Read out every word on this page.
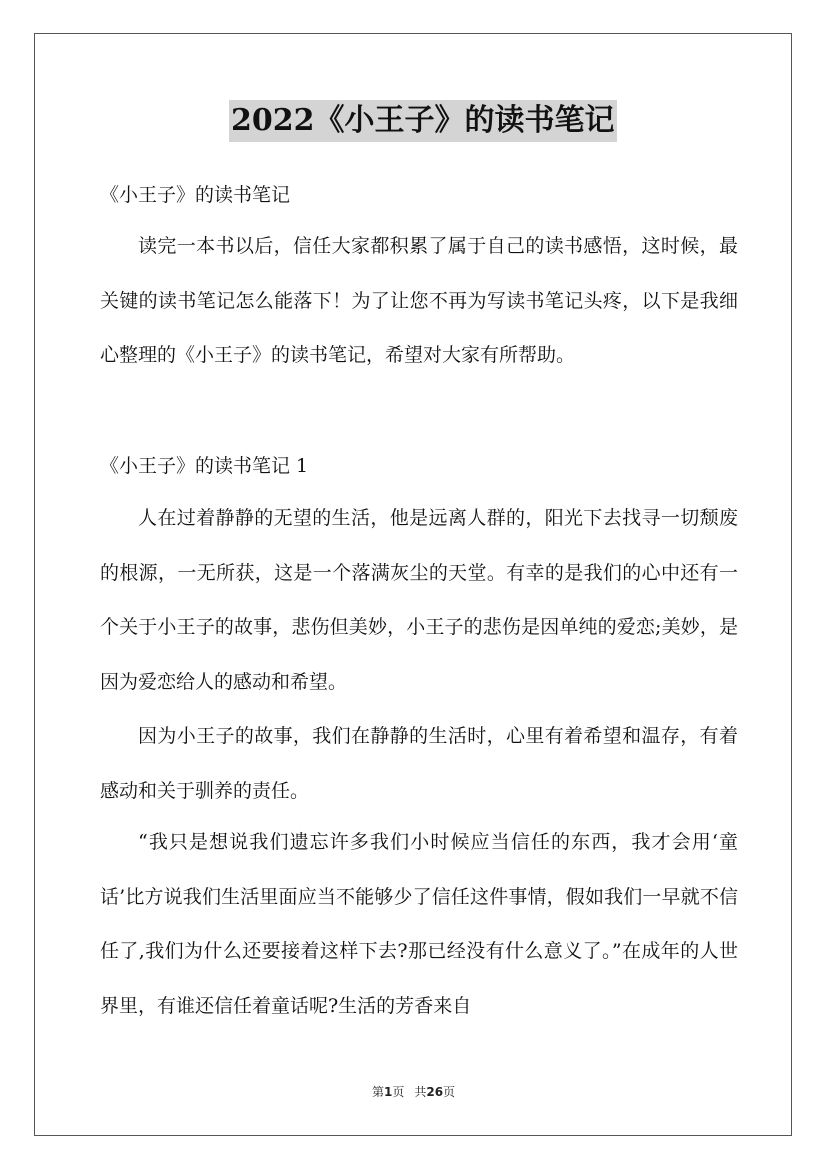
2022《小王子》的读书笔记
《小王子》的读书笔记

读完一本书以后，信任大家都积累了属于自己的读书感悟，这时候，最关键的读书笔记怎么能落下！为了让您不再为写读书笔记头疼，以下是我细心整理的《小王子》的读书笔记，希望对大家有所帮助。

《小王子》的读书笔记 1

人在过着静静的无望的生活，他是远离人群的，阳光下去找寻一切颓废的根源，一无所获，这是一个落满灰尘的天堂。有幸的是我们的心中还有一个关于小王子的故事，悲伤但美妙，小王子的悲伤是因单纯的爱恋;美妙，是因为爱恋给人的感动和希望。

因为小王子的故事，我们在静静的生活时，心里有着希望和温存，有着感动和关于驯养的责任。

“我只是想说我们遗忘许多我们小时候应当信任的东西，我才会用‘童话’比方说我们生活里面应当不能够少了信任这件事情，假如我们一早就不信任了,我们为什么还要接着这样下去?那已经没有什么意义了。”在成年的人世界里，有谁还信任着童话呢?生活的芳香来自

第1页 共26页
